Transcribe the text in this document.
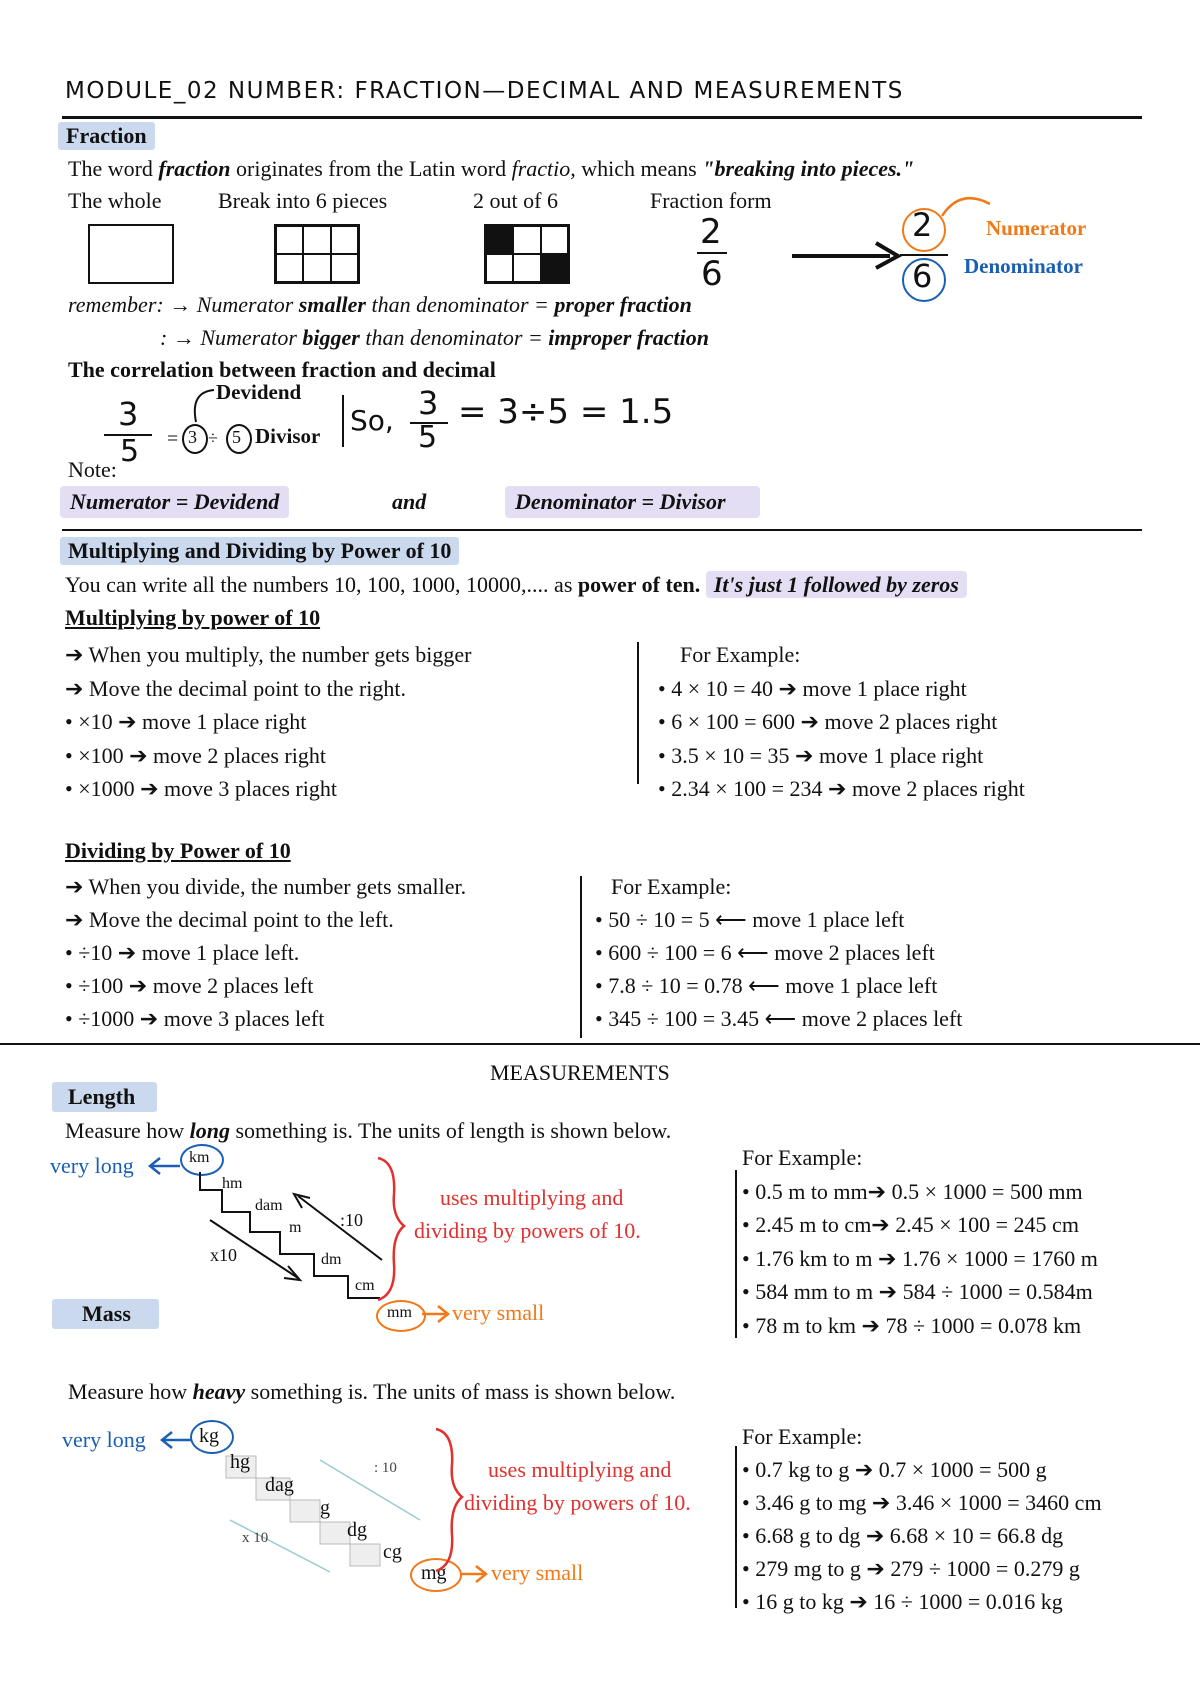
MODULE_02 NUMBER: FRACTION—DECIMAL AND MEASUREMENTS
Fraction
The word fraction originates from the Latin word fractio, which means "breaking into pieces."
The whole	Break into 6 pieces	2 out of 6	Fraction form
2
6
2
6
Numerator
Denominator
remember: → Numerator smaller than denominator = proper fraction
: → Numerator bigger than denominator = improper fraction
The correlation between fraction and decimal
3
5 = 3 ÷ 5
Devidend
Divisor So, 3
5
= 3÷5 = 1.5
Note:
Numerator = Devidend	and	Denominator = Divisor
Multiplying and Dividing by Power of 10
You can write all the numbers 10, 100, 1000, 10000,.... as power of ten. It's just 1 followed by zeros
Multiplying by power of 10
➔ When you multiply, the number gets bigger
➔ Move the decimal point to the right.
• ×10 ➔ move 1 place right
• ×100 ➔ move 2 places right
• ×1000 ➔ move 3 places right
For Example:
• 4 × 10 = 40 ➔ move 1 place right
• 6 × 100 = 600 ➔ move 2 places right
• 3.5 × 10 = 35 ➔ move 1 place right
• 2.34 × 100 = 234 ➔ move 2 places right
Dividing by Power of 10
➔ When you divide, the number gets smaller.
➔ Move the decimal point to the left.
• ÷10 ➔ move 1 place left.
• ÷100 ➔ move 2 places left
• ÷1000 ➔ move 3 places left
For Example:
• 50 ÷ 10 = 5 ⟵ move 1 place left
• 600 ÷ 100 = 6 ⟵ move 2 places left
• 7.8 ÷ 10 = 0.78 ⟵ move 1 place left
• 345 ÷ 100 = 3.45 ⟵ move 2 places left
MEASUREMENTS
Length
Measure how long something is. The units of length is shown below.
very long	km
hm
dam
m
dm
cm
mm
:10
x10
very small
uses multiplying and
dividing by powers of 10.
For Example:
• 0.5 m to mm➔ 0.5 × 1000 = 500 mm
• 2.45 m to cm➔ 2.45 × 100 = 245 cm
• 1.76 km to m ➔ 1.76 × 1000 = 1760 m
• 584 mm to m ➔ 584 ÷ 1000 = 0.584m
• 78 m to km ➔ 78 ÷ 1000 = 0.078 km
Mass
Measure how heavy something is. The units of mass is shown below.
very long	kg
hg
dag
g
dg
cg
mg
: 10
x 10
very small
uses multiplying and
dividing by powers of 10.
For Example:
• 0.7 kg to g ➔ 0.7 × 1000 = 500 g
• 3.46 g to mg ➔ 3.46 × 1000 = 3460 cm
• 6.68 g to dg ➔ 6.68 × 10 = 66.8 dg
• 279 mg to g ➔ 279 ÷ 1000 = 0.279 g
• 16 g to kg ➔ 16 ÷ 1000 = 0.016 kg
